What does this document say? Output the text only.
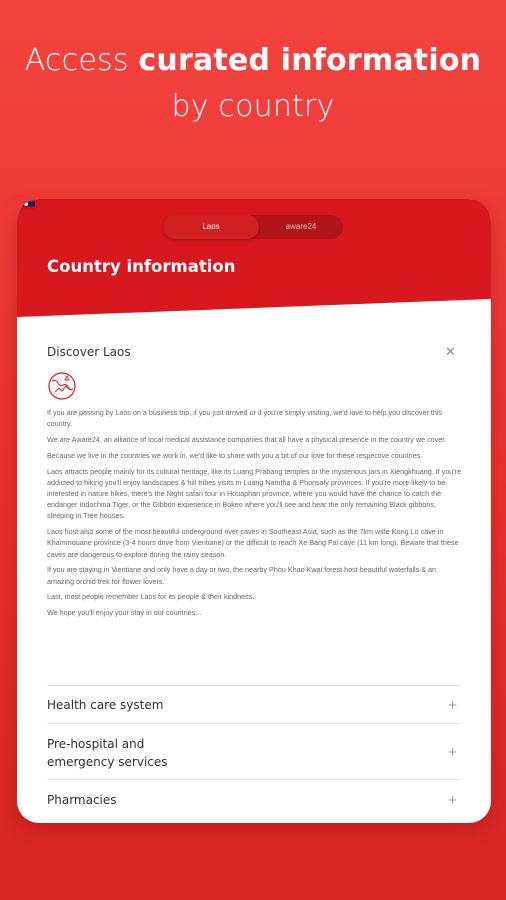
Access curated information
by country
Laos	aware24
Country information
Discover Laos	✕

If you are passing by Laos on a business trip, if you just arrived or if you're simply visiting, we'd love to help you discover this country.

We are Aware24, an alliance of local medical assistance companies that all have a physical presence in the country we cover.

Because we live in the countries we work in, we'd like to share with you a bit of our love for these respective countries.

Laos attracts people mainly for its cultural heritage, like its Luang Prabang temples or the mysterious jars in Xiengkhuang. If you're addicted to hiking you'll enjoy landscapes & hill tribes visits in Luang Namtha & Phonsaly provinces. If you're more likely to be interested in nature hikes, there's the Night safari tour in Houaphan province, where you would have the chance to catch the endanger Indochina Tiger, or the Gibbon experience in Bokeo where you'll see and hear the only remaining Black gibbons, sleeping in Tree houses.

Laos host also some of the most beautiful underground river caves in Southeast Asia, such as the 7km wide Kong Lo cave in Khammouane province (3-4 hours drive from Vientiane) or the difficult to reach Xe Bang Fai cave (11 km long). Beware that these caves are dangerous to explore during the rainy season.

If you are staying in Vientiane and only have a day or two, the nearby Phou Khao Kwai forest host beautiful waterfalls & an amazing orchid trek for flower lovers.

Last, most people remember Laos for its people & their kindness.

We hope you'll enjoy your stay in our countries...

Health care system	+
Pre-hospital and emergency services
+
Pharmacies	+
